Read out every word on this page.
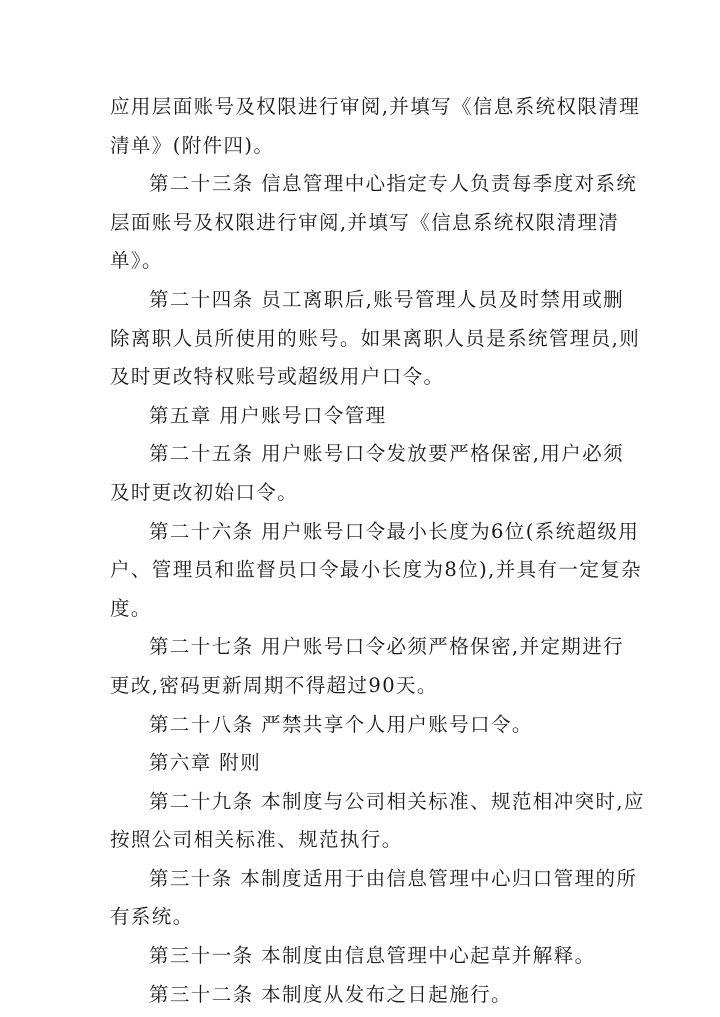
应用层面账号及权限进行审阅,并填写《信息系统权限清理

清单》(附件四)。

第二十三条 信息管理中心指定专人负责每季度对系统

层面账号及权限进行审阅,并填写《信息系统权限清理清

单》。

第二十四条 员工离职后,账号管理人员及时禁用或删

除离职人员所使用的账号。如果离职人员是系统管理员,则

及时更改特权账号或超级用户口令。

第五章 用户账号口令管理

第二十五条 用户账号口令发放要严格保密,用户必须

及时更改初始口令。

第二十六条 用户账号口令最小长度为6位(系统超级用

户、管理员和监督员口令最小长度为8位),并具有一定复杂

度。

第二十七条 用户账号口令必须严格保密,并定期进行

更改,密码更新周期不得超过90天。

第二十八条 严禁共享个人用户账号口令。

第六章 附则

第二十九条 本制度与公司相关标准、规范相冲突时,应

按照公司相关标准、规范执行。

第三十条 本制度适用于由信息管理中心归口管理的所

有系统。

第三十一条 本制度由信息管理中心起草并解释。

第三十二条 本制度从发布之日起施行。
